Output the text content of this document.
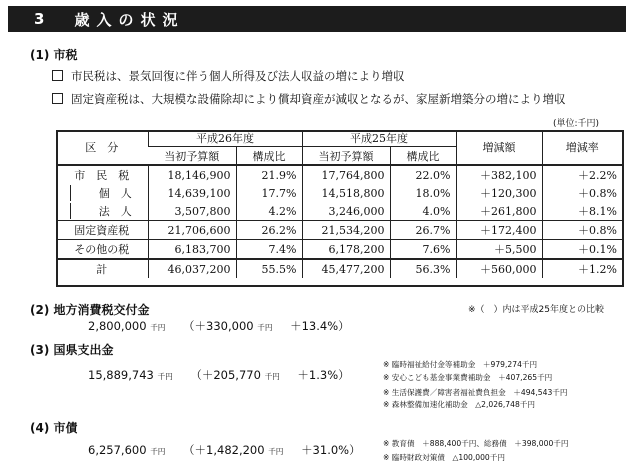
3 歳入の状況
(1) 市税
市民税は、景気回復に伴う個人所得及び法人収益の増により増収
固定資産税は、大規模な設備除却により償却資産が減収となるが、家屋新増築分の増により増収
(単位:千円)
区　分	平成26年度		平成25年度		増減額	増減率
	当初予算額	構成比	当初予算額	構成比		
市　民　税	18,146,900	21.9%	17,764,800	22.0%	＋382,100	＋2.2%

個　人	14,639,100	17.7%	14,518,800	18.0%	＋120,300	＋0.8%

法　人	3,507,800	4.2%	3,246,000	4.0%	＋261,800	＋8.1%
固定資産税	21,706,600	26.2%	21,534,200	26.7%	＋172,400	＋0.8%
その他の税	6,183,700	7.4%	6,178,200	7.6%	＋5,500	＋0.1%
計	46,037,200	55.5%	45,477,200	56.3%	＋560,000	＋1.2%
(2) 地方消費税交付金	※（　）内は平成25年度との比較
2,800,000 千円 （＋330,000 千円 ＋13.4%）
(3) 国県支出金
15,889,743 千円 （＋205,770 千円 ＋1.3%）
※ 臨時福祉給付金等補助金　＋979,274千円
※ 安心こども基金事業費補助金　＋407,265千円
※ 生活保護費／障害者福祉費負担金　＋494,543千円
※ 森林整備加速化補助金　△2,026,748千円
(4) 市債
6,257,600 千円 （＋1,482,200 千円 ＋31.0%）	※ 教育債　＋888,400千円、総務債　＋398,000千円
※ 臨時財政対策債　△100,000千円
